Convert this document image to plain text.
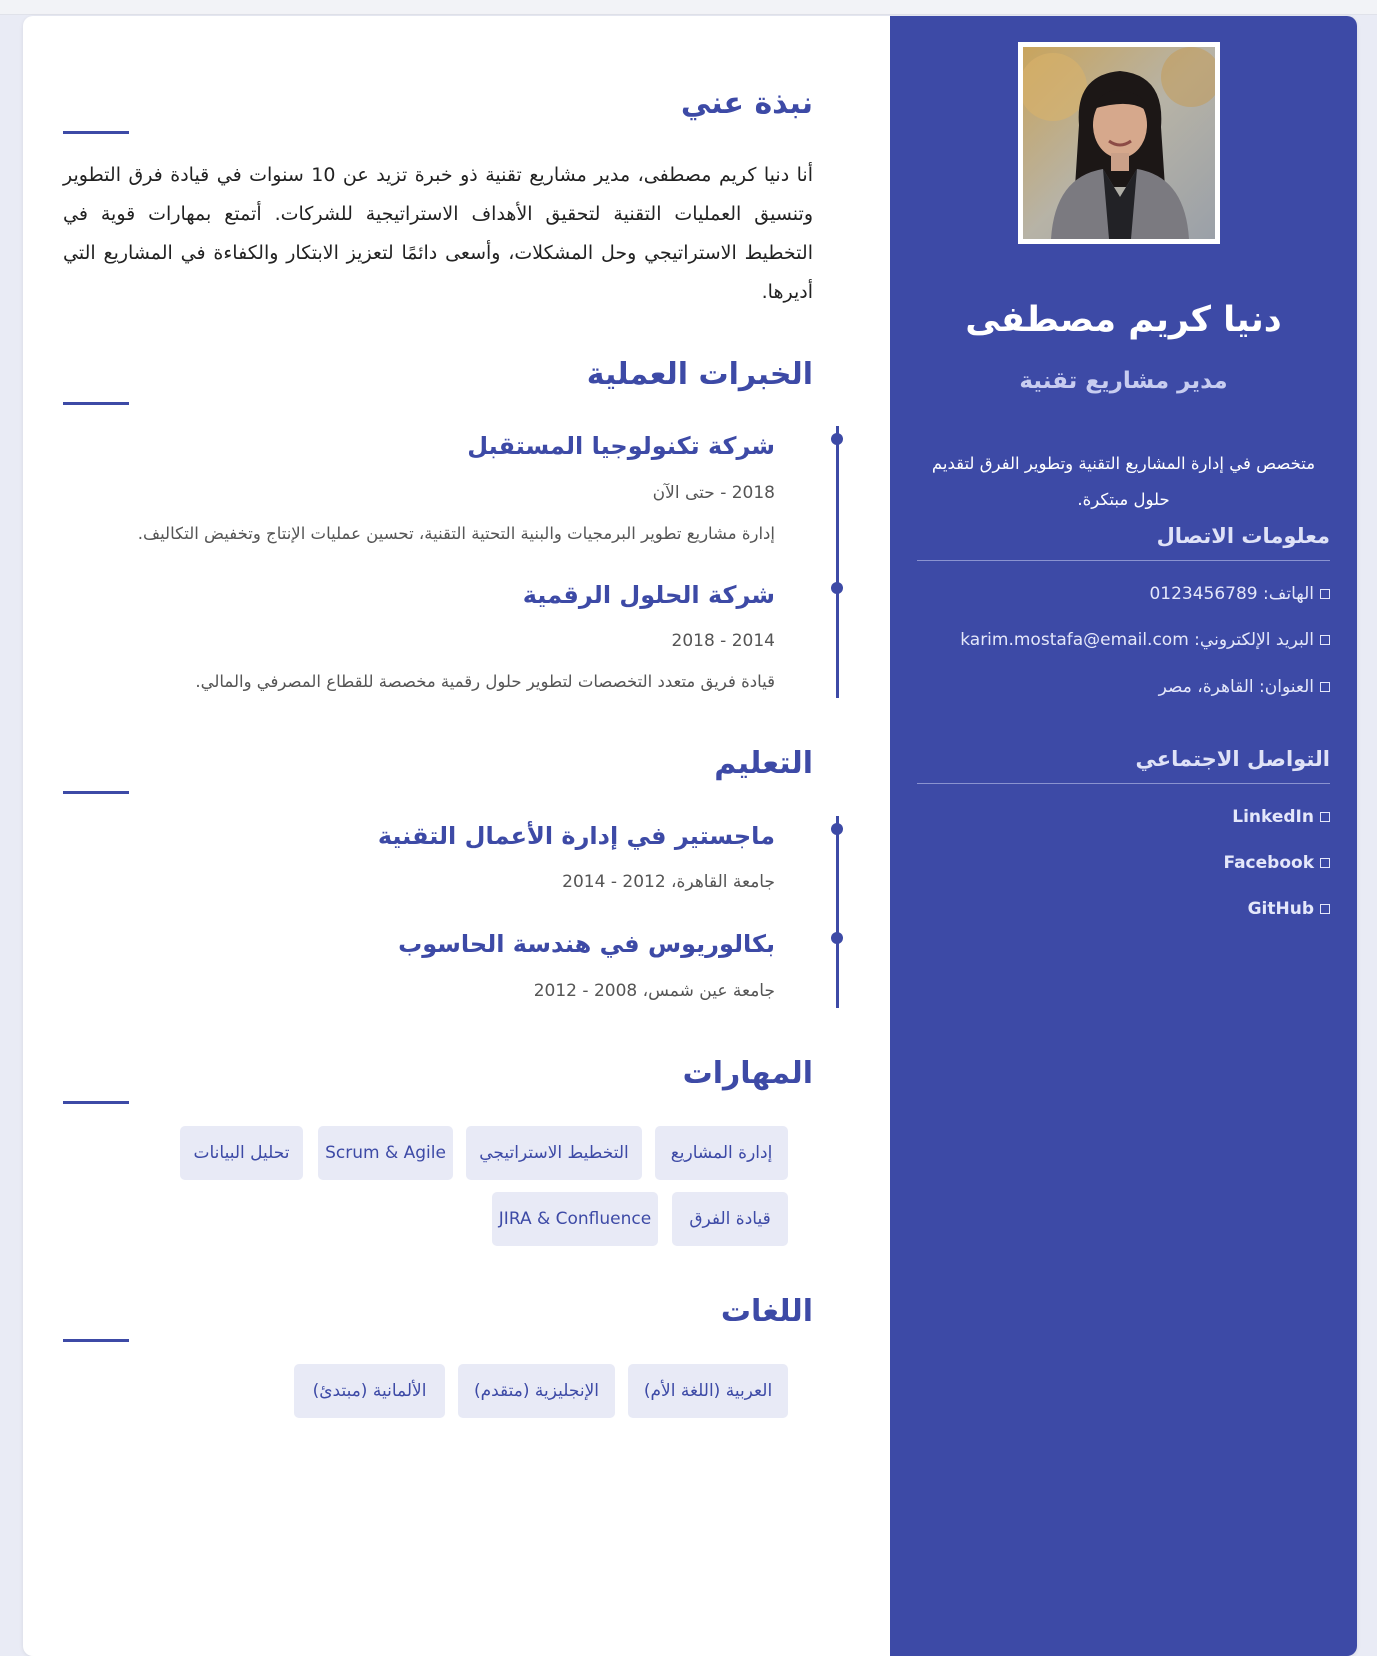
نبذة عني

أنا دنيا كريم مصطفى، مدير مشاريع تقنية ذو خبرة تزيد عن 10 سنوات في قيادة فرق التطوير وتنسيق العمليات التقنية لتحقيق الأهداف الاستراتيجية للشركات. أتمتع بمهارات قوية في التخطيط الاستراتيجي وحل المشكلات، وأسعى دائمًا لتعزيز الابتكار والكفاءة في المشاريع التي أديرها.

الخبرات العملية
شركة تكنولوجيا المستقبل

2018 - حتى الآن

إدارة مشاريع تطوير البرمجيات والبنية التحتية التقنية، تحسين عمليات الإنتاج وتخفيض التكاليف.

شركة الحلول الرقمية

2014 - 2018

قيادة فريق متعدد التخصصات لتطوير حلول رقمية مخصصة للقطاع المصرفي والمالي.

التعليم
ماجستير في إدارة الأعمال التقنية

جامعة القاهرة، 2012 - 2014

بكالوريوس في هندسة الحاسوب

جامعة عين شمس، 2008 - 2012

المهارات
إدارة المشاريع
التخطيط الاستراتيجي
Scrum & Agile
تحليل البيانات
قيادة الفرق
JIRA & Confluence
اللغات
العربية (اللغة الأم)
الإنجليزية (متقدم)
الألمانية (مبتدئ)
دنيا كريم مصطفى

مدير مشاريع تقنية

متخصص في إدارة المشاريع التقنية وتطوير الفرق لتقديم حلول مبتكرة.

معلومات الاتصال
الهاتف: 0123456789
البريد الإلكتروني: karim.mostafa@email.com
العنوان: القاهرة، مصر
التواصل الاجتماعي
LinkedIn
Facebook
GitHub
